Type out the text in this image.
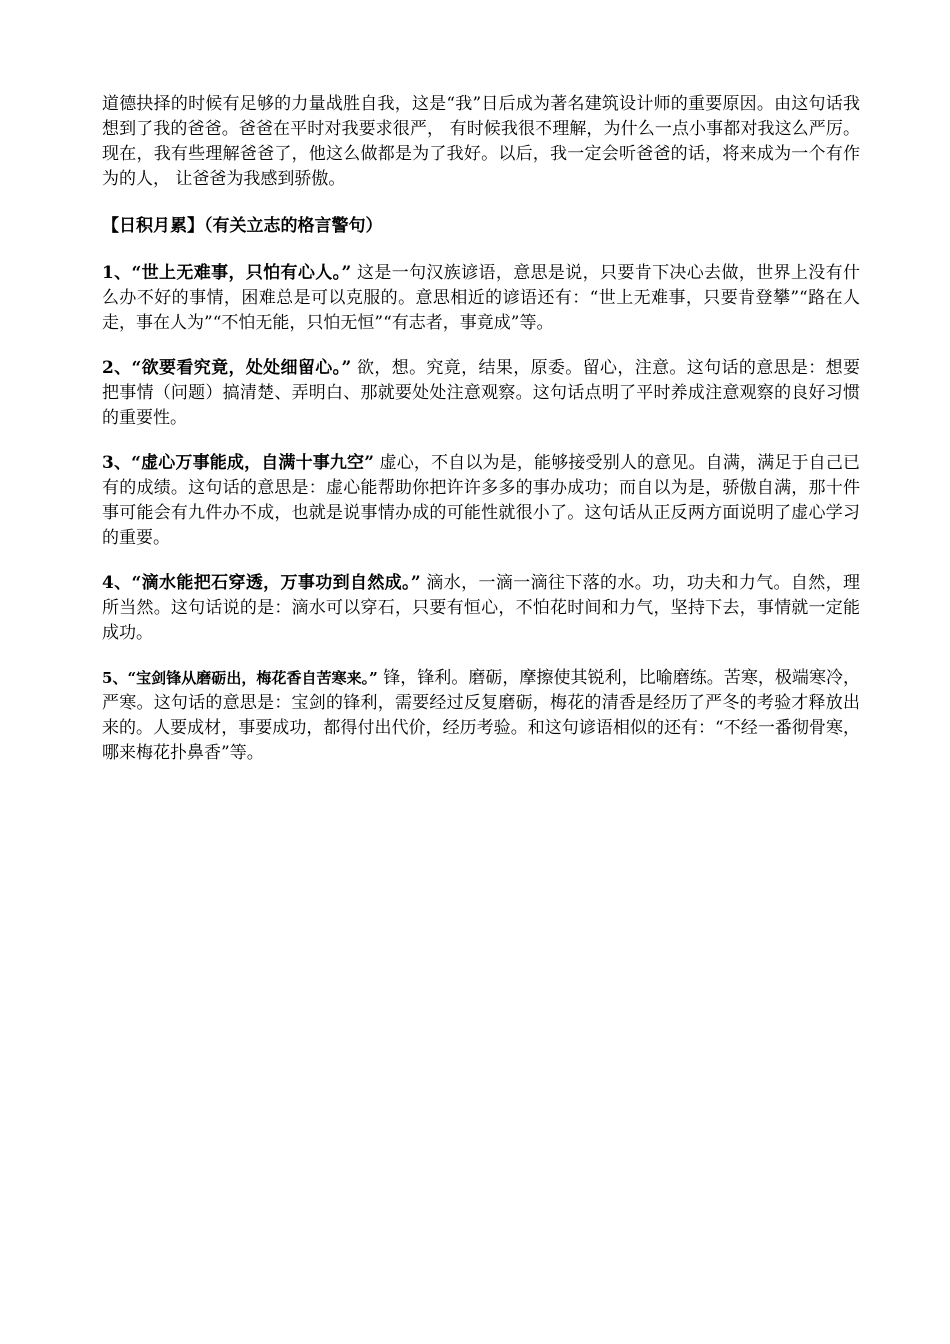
道德抉择的时候有足够的力量战胜自我，这是“我”日后成为著名建筑设计师的重要原因。由这句话我想到了我的爸爸。爸爸在平时对我要求很严， 有时候我很不理解，为什么一点小事都对我这么严厉。现在，我有些理解爸爸了，他这么做都是为了我好。以后，我一定会听爸爸的话，将来成为一个有作为的人， 让爸爸为我感到骄傲。

【日积月累】（有关立志的格言警句）

1、“世上无难事，只怕有心人。” 这是一句汉族谚语，意思是说，只要肯下决心去做，世界上没有什么办不好的事情，困难总是可以克服的。意思相近的谚语还有：“世上无难事，只要肯登攀”“路在人走，事在人为”“不怕无能，只怕无恒”“有志者，事竟成”等。

2、“欲要看究竟，处处细留心。” 欲，想。究竟，结果，原委。留心，注意。这句话的意思是：想要把事情（问题）搞清楚、弄明白、那就要处处注意观察。这句话点明了平时养成注意观察的良好习惯的重要性。

3、“虚心万事能成，自满十事九空” 虚心，不自以为是，能够接受别人的意见。自满，满足于自己已有的成绩。这句话的意思是：虚心能帮助你把许许多多的事办成功；而自以为是，骄傲自满，那十件事可能会有九件办不成，也就是说事情办成的可能性就很小了。这句话从正反两方面说明了虚心学习的重要。

4、“滴水能把石穿透，万事功到自然成。” 滴水，一滴一滴往下落的水。功，功夫和力气。自然，理所当然。这句话说的是：滴水可以穿石，只要有恒心，不怕花时间和力气，坚持下去，事情就一定能成功。

5、“宝剑锋从磨砺出，梅花香自苦寒来。” 锋，锋利。磨砺，摩擦使其锐利，比喻磨练。苦寒，极端寒冷，严寒。这句话的意思是：宝剑的锋利，需要经过反复磨砺，梅花的清香是经历了严冬的考验才释放出来的。人要成材，事要成功，都得付出代价，经历考验。和这句谚语相似的还有：“不经一番彻骨寒，哪来梅花扑鼻香”等。
